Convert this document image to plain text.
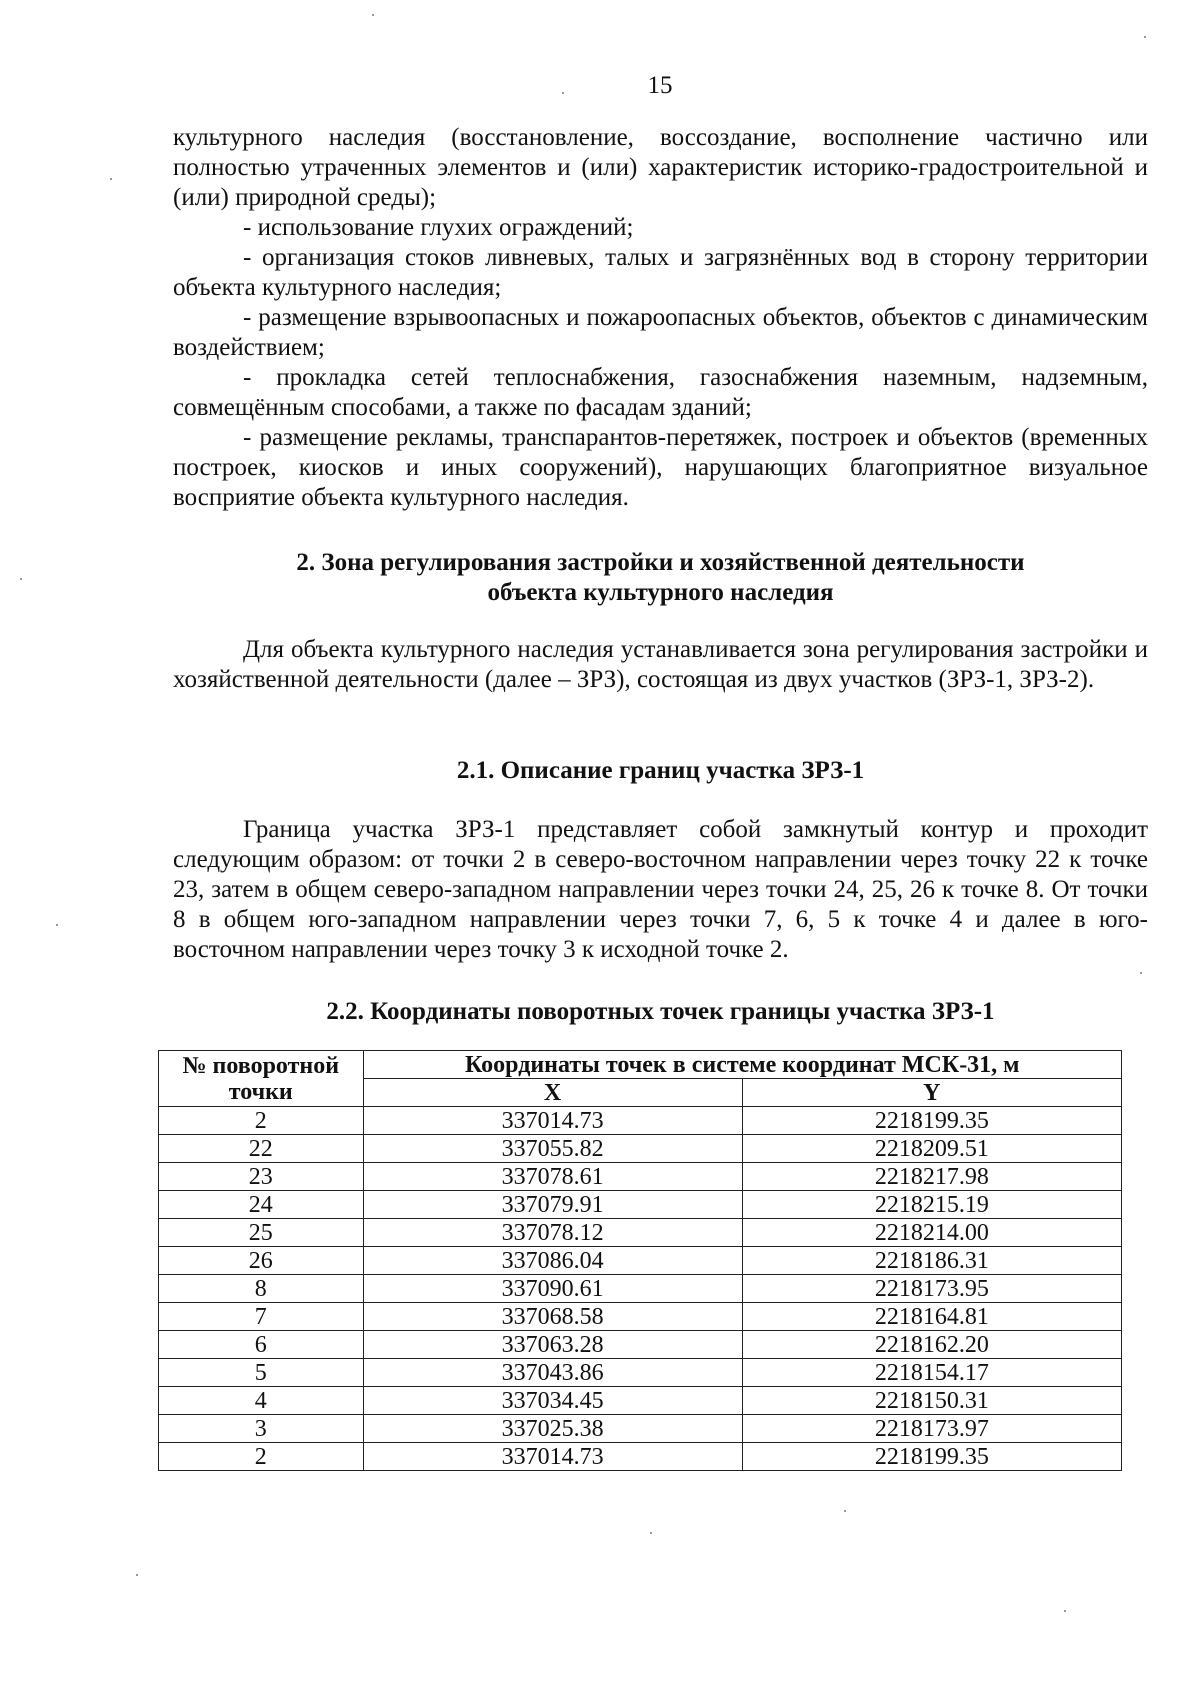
15

культурного наследия (восстановление, воссоздание, восполнение частично или полностью утраченных элементов и (или) характеристик историко-градостроительной и (или) природной среды);

- использование глухих ограждений;

- организация стоков ливневых, талых и загрязнённых вод в сторону территории объекта культурного наследия;

- размещение взрывоопасных и пожароопасных объектов, объектов с динамическим воздействием;

- прокладка сетей теплоснабжения, газоснабжения наземным, надземным, совмещённым способами, а также по фасадам зданий;

- размещение рекламы, транспарантов-перетяжек, построек и объектов (временных построек, киосков и иных сооружений), нарушающих благоприятное визуальное восприятие объекта культурного наследия.

2. Зона регулирования застройки и хозяйственной деятельности
объекта культурного наследия

Для объекта культурного наследия устанавливается зона регулирования застройки и хозяйственной деятельности (далее – ЗРЗ), состоящая из двух участков (ЗРЗ-1, ЗРЗ-2).

2.1. Описание границ участка ЗРЗ-1

Граница участка ЗРЗ-1 представляет собой замкнутый контур и проходит следующим образом: от точки 2 в северо-восточном направлении через точку 22 к точке 23, затем в общем северо-западном направлении через точки 24, 25, 26 к точке 8. От точки 8 в общем юго-западном направлении через точки 7, 6, 5 к точке 4 и далее в юго-восточном направлении через точку 3 к исходной точке 2.

2.2. Координаты поворотных точек границы участка ЗРЗ-1
№ поворотной точки	Координаты точек в системе координат МСК-31, м	
	X	Y
2	337014.73	2218199.35
22	337055.82	2218209.51
23	337078.61	2218217.98
24	337079.91	2218215.19
25	337078.12	2218214.00
26	337086.04	2218186.31
8	337090.61	2218173.95
7	337068.58	2218164.81
6	337063.28	2218162.20
5	337043.86	2218154.17
4	337034.45	2218150.31
3	337025.38	2218173.97
2	337014.73	2218199.35
